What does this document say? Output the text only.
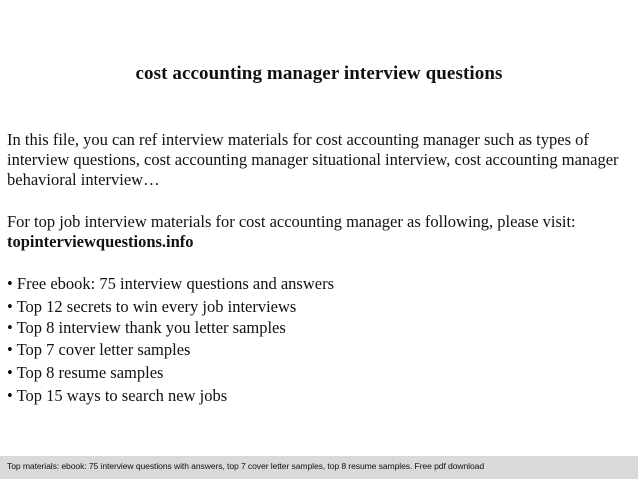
cost accounting manager interview questions
In this file, you can ref interview materials for cost accounting manager such as types of interview questions, cost accounting manager situational interview, cost accounting manager behavioral interview…
For top job interview materials for cost accounting manager as following, please visit:
topinterviewquestions.info
• Free ebook: 75 interview questions and answers
• Top 12 secrets to win every job interviews
• Top 8 interview thank you letter samples
• Top 7 cover letter samples
• Top 8 resume samples
• Top 15 ways to search new jobs
Top materials: ebook: 75 interview questions with answers, top 7 cover letter samples, top 8 resume samples. Free pdf download
